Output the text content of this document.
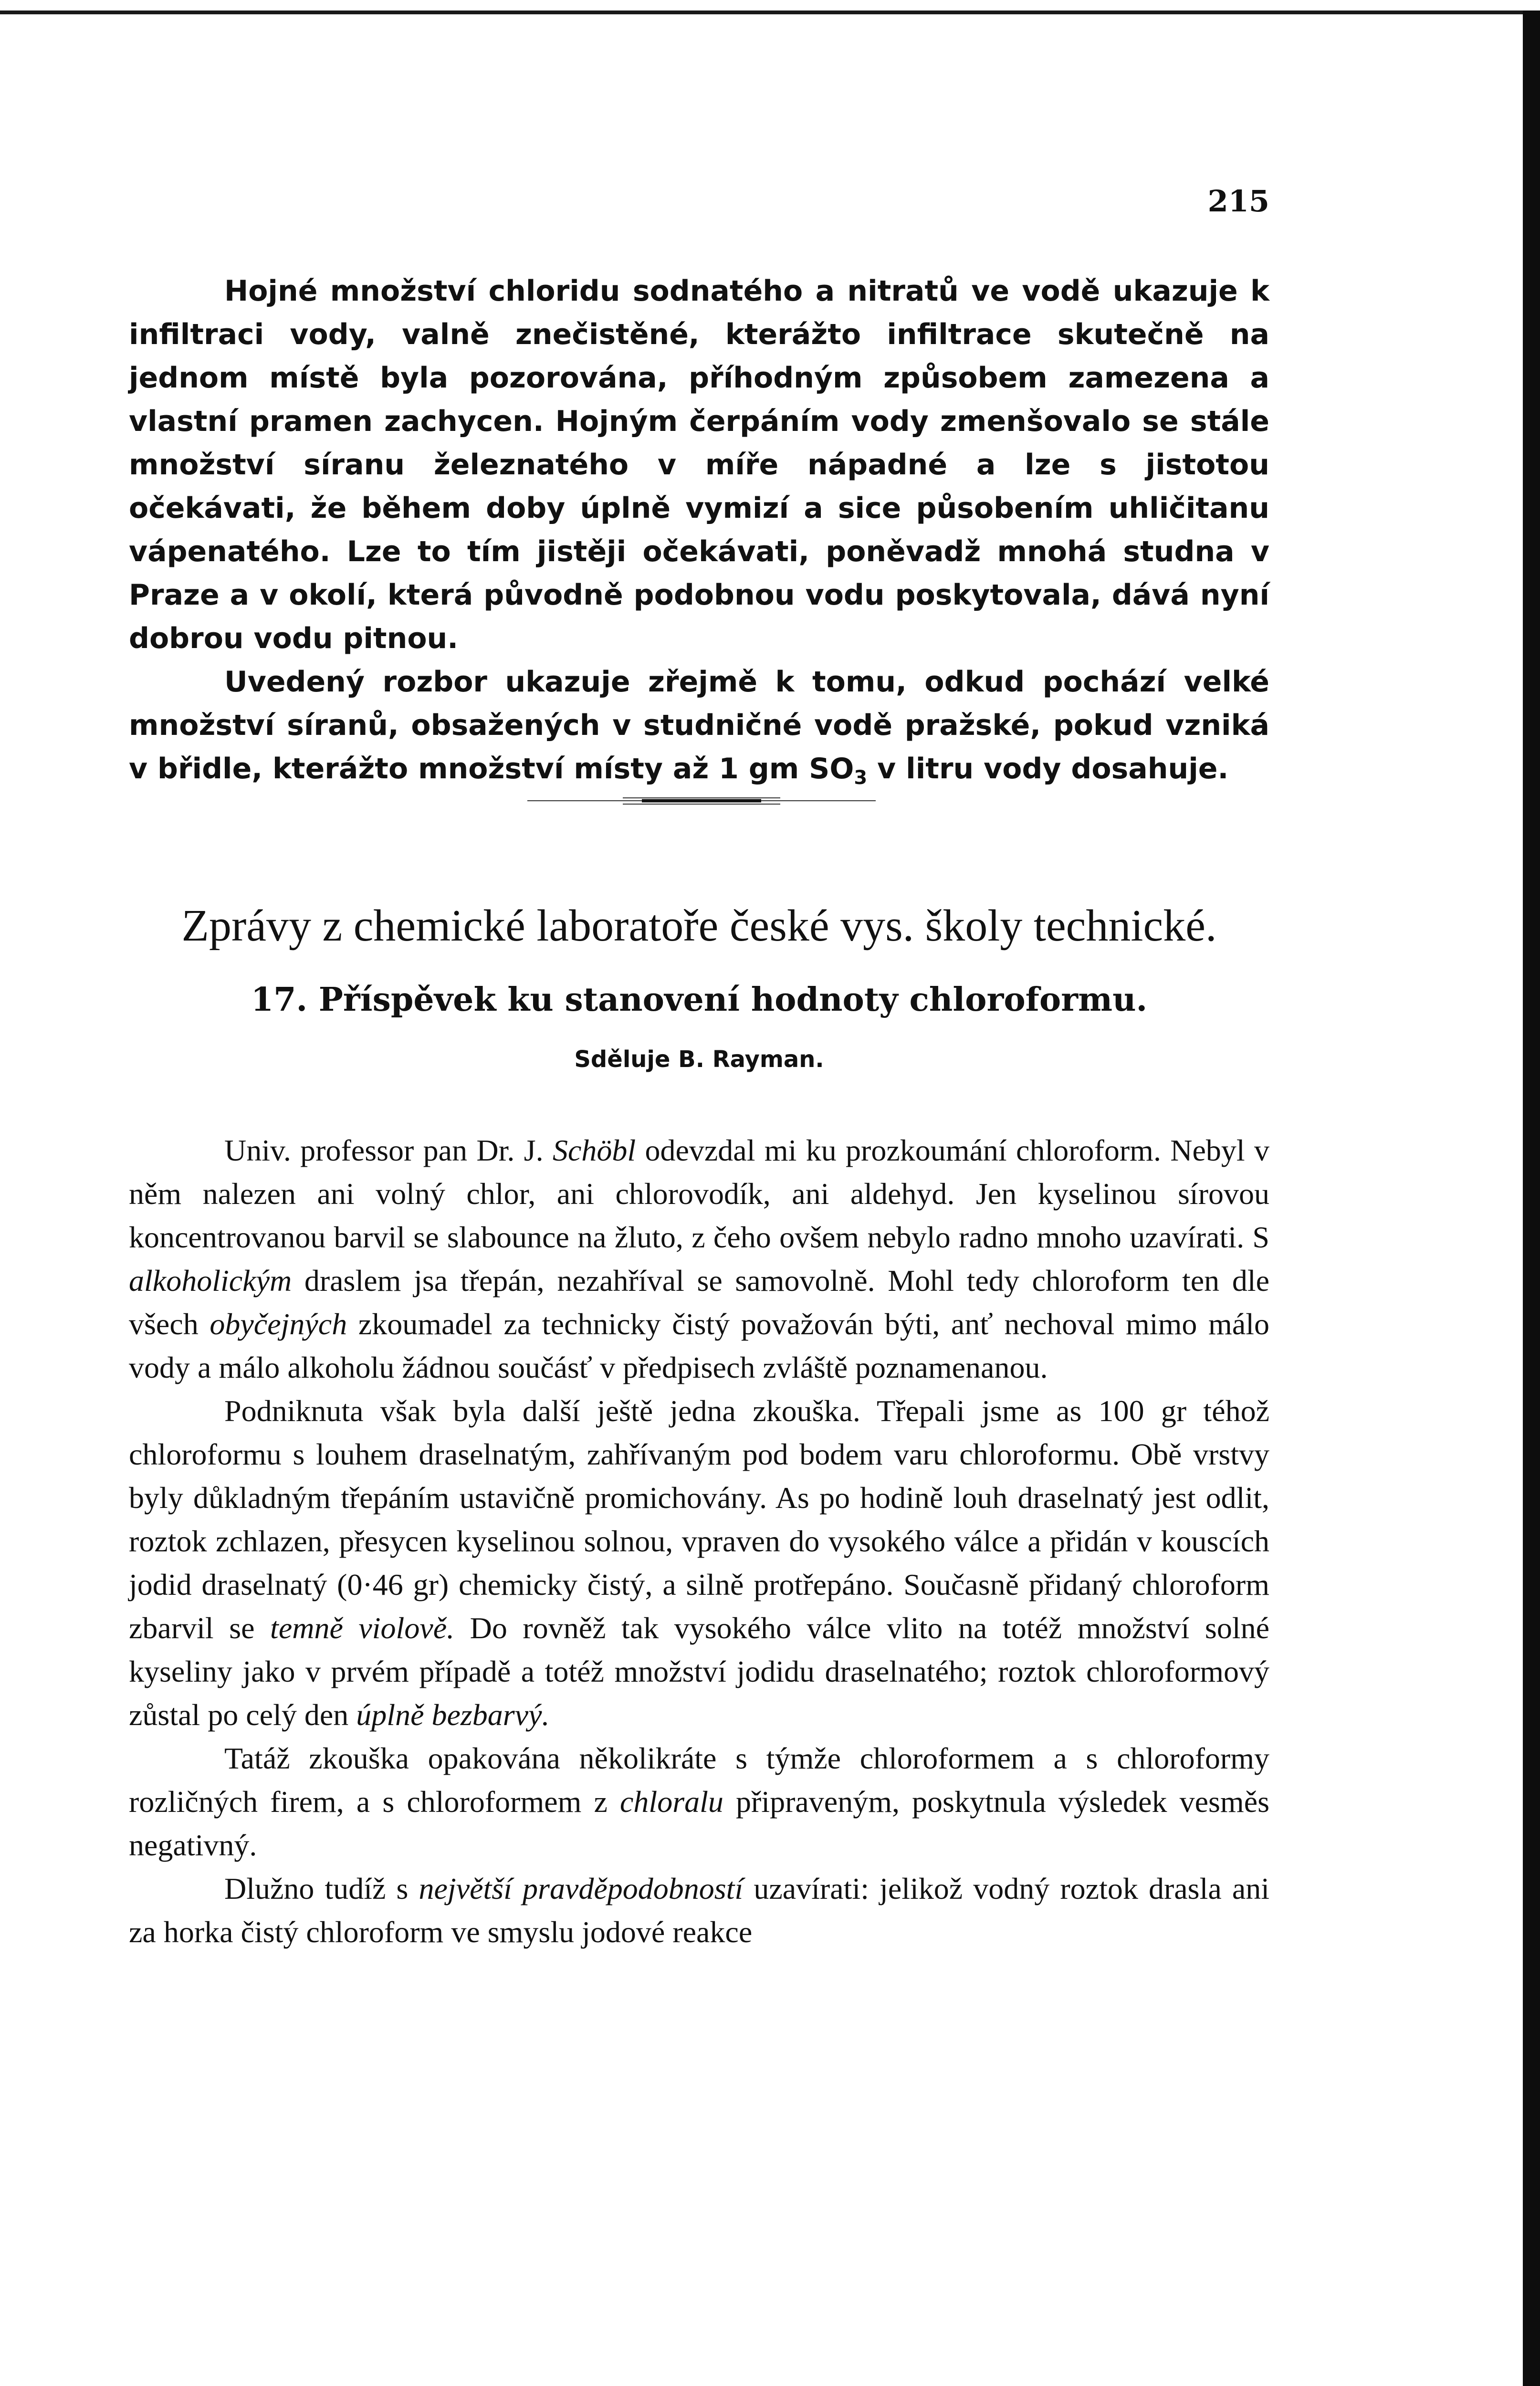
215

Hojné množství chloridu sodnatého a nitratů ve vodě ukazuje k infiltraci vody, valně znečistěné, kterážto infiltrace skutečně na jednom místě byla pozorována, příhodným způsobem zamezena a vlastní pramen zachycen. Hojným čerpáním vody zmenšovalo se stále množství síranu železnatého v míře nápadné a lze s jistotou očekávati, že během doby úplně vymizí a sice působením uhličitanu vápenatého. Lze to tím jistěji očekávati, poněvadž mnohá studna v Praze a v okolí, která původně podobnou vodu poskytovala, dává nyní dobrou vodu pitnou.

Uvedený rozbor ukazuje zřejmě k tomu, odkud pochází velké množství síranů, obsažených v studničné vodě pražské, pokud vzniká v břidle, kterážto množství místy až 1 gm $SO_3$ v litru vody dosahuje.

Zprávy z chemické laboratoře české vys. školy technické.
17. Příspěvek ku stanovení hodnoty chloroformu.
Sděluje B. Rayman.

Univ. professor pan Dr. J. Schöbl odevzdal mi ku prozkoumání chloroform. Nebyl v něm nalezen ani volný chlor, ani chlorovodík, ani aldehyd. Jen kyselinou sírovou koncentrovanou barvil se slabounce na žluto, z čeho ovšem nebylo radno mnoho uzavírati. S alkoholickým draslem jsa třepán, nezahříval se samovolně. Mohl tedy chloroform ten dle všech obyčejných zkoumadel za technicky čistý považován býti, anť nechoval mimo málo vody a málo alkoholu žádnou součásť v předpisech zvláště poznamenanou.

Podniknuta však byla další ještě jedna zkouška. Třepali jsme as 100 gr téhož chloroformu s louhem draselnatým, zahřívaným pod bodem varu chloroformu. Obě vrstvy byly důkladným třepáním ustavičně promichovány. As po hodině louh draselnatý jest odlit, roztok zchlazen, přesycen kyselinou solnou, vpraven do vysokého válce a přidán v kouscích jodid draselnatý (0·46 gr) chemicky čistý, a silně protřepáno. Současně přidaný chloroform zbarvil se temně violově. Do rovněž tak vysokého válce vlito na totéž množství solné kyseliny jako v prvém případě a totéž množství jodidu draselnatého; roztok chloroformový zůstal po celý den úplně bezbarvý.

Tatáž zkouška opakována několikráte s týmže chloroformem a s chloroformy rozličných firem, a s chloroformem z chloralu připraveným, poskytnula výsledek vesměs negativný.

Dlužno tudíž s největší pravděpodobností uzavírati: jelikož vodný roztok drasla ani za horka čistý chloroform ve smyslu jodové reakce
